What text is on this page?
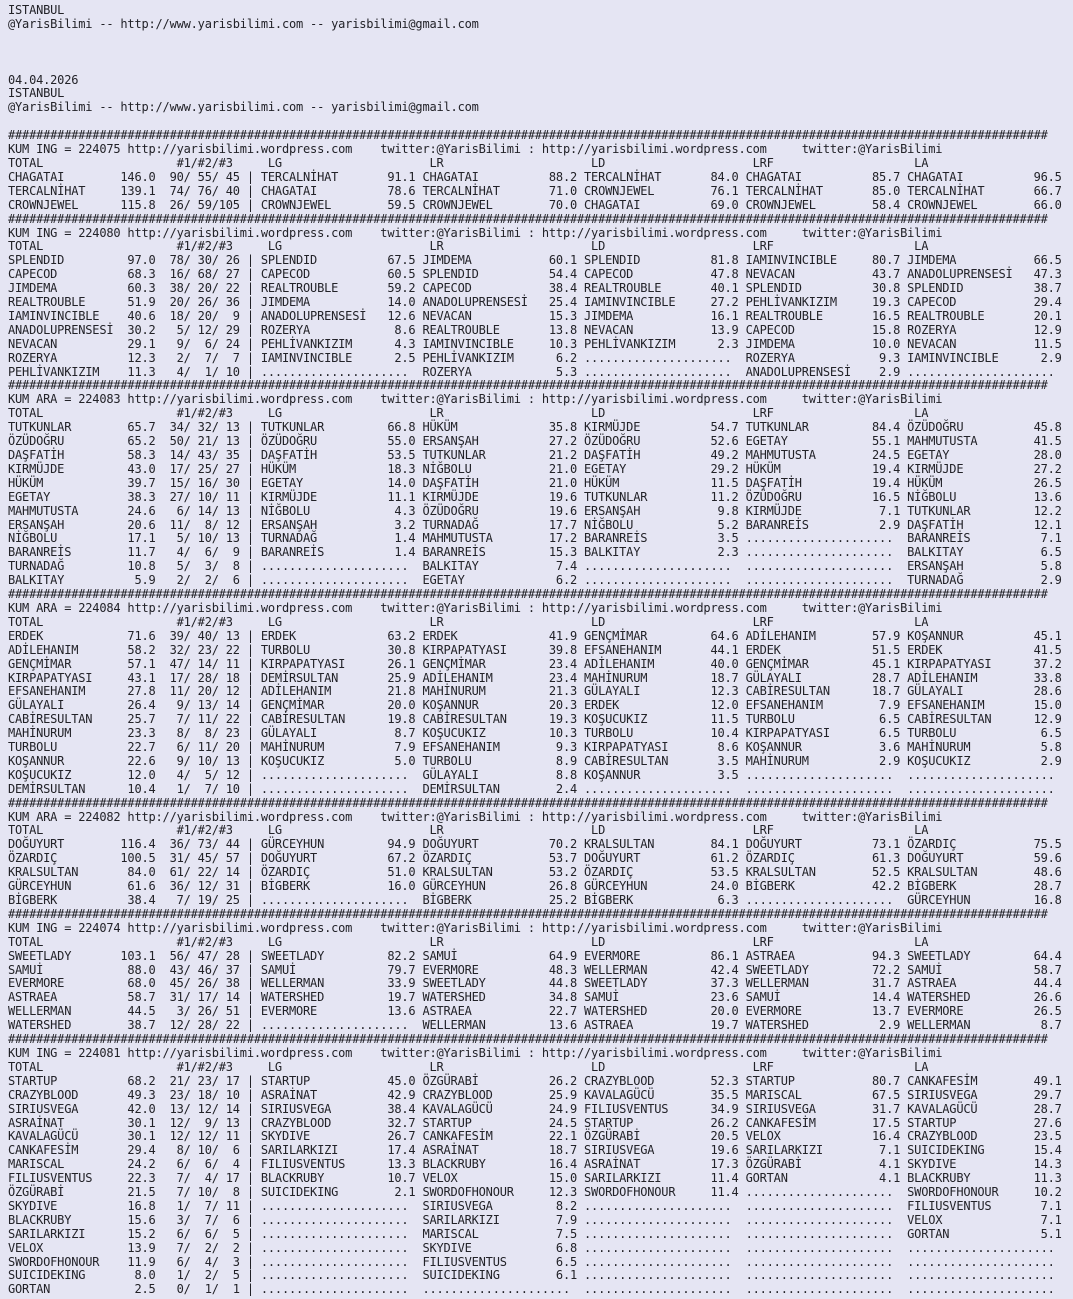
ISTANBUL
@YarisBilimi -- http://www.yarisbilimi.com -- yarisbilimi@gmail.com

04.04.2026
ISTANBUL
@YarisBilimi -- http://www.yarisbilimi.com -- yarisbilimi@gmail.com

####################################################################################################################################################
KUM ING = 224075 http://yarisbilimi.wordpress.com    twitter:@YarisBilimi : http://yarisbilimi.wordpress.com     twitter:@YarisBilimi
TOTAL                   #1/#2/#3     LG                     LR                     LD                     LRF                    LA
CHAGATAI        146.0  90/ 55/ 45 | TERCALNİHAT       91.1 CHAGATAI          88.2 TERCALNİHAT       84.0 CHAGATAI          85.7 CHAGATAI          96.5
TERCALNİHAT     139.1  74/ 76/ 40 | CHAGATAI          78.6 TERCALNİHAT       71.0 CROWNJEWEL        76.1 TERCALNİHAT       85.0 TERCALNİHAT       66.7
CROWNJEWEL      115.8  26/ 59/105 | CROWNJEWEL        59.5 CROWNJEWEL        70.0 CHAGATAI          69.0 CROWNJEWEL        58.4 CROWNJEWEL        66.0
####################################################################################################################################################
KUM ING = 224080 http://yarisbilimi.wordpress.com    twitter:@YarisBilimi : http://yarisbilimi.wordpress.com     twitter:@YarisBilimi
TOTAL                   #1/#2/#3     LG                     LR                     LD                     LRF                    LA
SPLENDID         97.0  78/ 30/ 26 | SPLENDID          67.5 JIMDEMA           60.1 SPLENDID          81.8 IAMINVINCIBLE     80.7 JIMDEMA           66.5
CAPECOD          68.3  16/ 68/ 27 | CAPECOD           60.5 SPLENDID          54.4 CAPECOD           47.8 NEVACAN           43.7 ANADOLUPRENSESİ   47.3
JIMDEMA          60.3  38/ 20/ 22 | REALTROUBLE       59.2 CAPECOD           38.4 REALTROUBLE       40.1 SPLENDID          30.8 SPLENDID          38.7
REALTROUBLE      51.9  20/ 26/ 36 | JIMDEMA           14.0 ANADOLUPRENSESİ   25.4 IAMINVINCIBLE     27.2 PEHLİVANKIZIM     19.3 CAPECOD           29.4
IAMINVINCIBLE    40.6  18/ 20/  9 | ANADOLUPRENSESİ   12.6 NEVACAN           15.3 JIMDEMA           16.1 REALTROUBLE       16.5 REALTROUBLE       20.1
ANADOLUPRENSESİ  30.2   5/ 12/ 29 | ROZERYA            8.6 REALTROUBLE       13.8 NEVACAN           13.9 CAPECOD           15.8 ROZERYA           12.9
NEVACAN          29.1   9/  6/ 24 | PEHLİVANKIZIM      4.3 IAMINVINCIBLE     10.3 PEHLİVANKIZIM      2.3 JIMDEMA           10.0 NEVACAN           11.5
ROZERYA          12.3   2/  7/  7 | IAMINVINCIBLE      2.5 PEHLİVANKIZIM      6.2 .....................  ROZERYA            9.3 IAMINVINCIBLE      2.9
PEHLİVANKIZIM    11.3   4/  1/ 10 | .....................  ROZERYA            5.3 .....................  ANADOLUPRENSESİ    2.9 .....................
####################################################################################################################################################
KUM ARA = 224083 http://yarisbilimi.wordpress.com    twitter:@YarisBilimi : http://yarisbilimi.wordpress.com     twitter:@YarisBilimi
TOTAL                   #1/#2/#3     LG                     LR                     LD                     LRF                    LA
TUTKUNLAR        65.7  34/ 32/ 13 | TUTKUNLAR         66.8 HÜKÜM             35.8 KIRMÜJDE          54.7 TUTKUNLAR         84.4 ÖZÜDOĞRU          45.8
ÖZÜDOĞRU         65.2  50/ 21/ 13 | ÖZÜDOĞRU          55.0 ERSANŞAH          27.2 ÖZÜDOĞRU          52.6 EGETAY            55.1 MAHMUTUSTA        41.5
DAŞFATİH         58.3  14/ 43/ 35 | DAŞFATİH          53.5 TUTKUNLAR         21.2 DAŞFATİH          49.2 MAHMUTUSTA        24.5 EGETAY            28.0
KIRMÜJDE         43.0  17/ 25/ 27 | HÜKÜM             18.3 NİĞBOLU           21.0 EGETAY            29.2 HÜKÜM             19.4 KIRMÜJDE          27.2
HÜKÜM            39.7  15/ 16/ 30 | EGETAY            14.0 DAŞFATİH          21.0 HÜKÜM             11.5 DAŞFATİH          19.4 HÜKÜM             26.5
EGETAY           38.3  27/ 10/ 11 | KIRMÜJDE          11.1 KIRMÜJDE          19.6 TUTKUNLAR         11.2 ÖZÜDOĞRU          16.5 NİĞBOLU           13.6
MAHMUTUSTA       24.6   6/ 14/ 13 | NİĞBOLU            4.3 ÖZÜDOĞRU          19.6 ERSANŞAH           9.8 KIRMÜJDE           7.1 TUTKUNLAR         12.2
ERSANŞAH         20.6  11/  8/ 12 | ERSANŞAH           3.2 TURNADAĞ          17.7 NİĞBOLU            5.2 BARANREİS          2.9 DAŞFATİH          12.1
NİĞBOLU          17.1   5/ 10/ 13 | TURNADAĞ           1.4 MAHMUTUSTA        17.2 BARANREİS          3.5 .....................  BARANREİS          7.1
BARANREİS        11.7   4/  6/  9 | BARANREİS          1.4 BARANREİS         15.3 BALKITAY           2.3 .....................  BALKITAY           6.5
TURNADAĞ         10.8   5/  3/  8 | .....................  BALKITAY           7.4 .....................  .....................  ERSANŞAH           5.8
BALKITAY          5.9   2/  2/  6 | .....................  EGETAY             6.2 .....................  .....................  TURNADAĞ           2.9
####################################################################################################################################################
KUM ARA = 224084 http://yarisbilimi.wordpress.com    twitter:@YarisBilimi : http://yarisbilimi.wordpress.com     twitter:@YarisBilimi
TOTAL                   #1/#2/#3     LG                     LR                     LD                     LRF                    LA
ERDEK            71.6  39/ 40/ 13 | ERDEK             63.2 ERDEK             41.9 GENÇMİMAR         64.6 ADİLEHANIM        57.9 KOŞANNUR          45.1
ADİLEHANIM       58.2  32/ 23/ 22 | TURBOLU           30.8 KIRPAPATYASI      39.8 EFSANEHANIM       44.1 ERDEK             51.5 ERDEK             41.5
GENÇMİMAR        57.1  47/ 14/ 11 | KIRPAPATYASI      26.1 GENÇMİMAR         23.4 ADİLEHANIM        40.0 GENÇMİMAR         45.1 KIRPAPATYASI      37.2
KIRPAPATYASI     43.1  17/ 28/ 18 | DEMİRSULTAN       25.9 ADİLEHANIM        23.4 MAHİNURUM         18.7 GÜLAYALI          28.7 ADİLEHANIM        33.8
EFSANEHANIM      27.8  11/ 20/ 12 | ADİLEHANIM        21.8 MAHİNURUM         21.3 GÜLAYALI          12.3 CABİRESULTAN      18.7 GÜLAYALI          28.6
GÜLAYALI         26.4   9/ 13/ 14 | GENÇMİMAR         20.0 KOŞANNUR          20.3 ERDEK             12.0 EFSANEHANIM        7.9 EFSANEHANIM       15.0
CABİRESULTAN     25.7   7/ 11/ 22 | CABİRESULTAN      19.8 CABİRESULTAN      19.3 KOŞUCUKIZ         11.5 TURBOLU            6.5 CABİRESULTAN      12.9
MAHİNURUM        23.3   8/  8/ 23 | GÜLAYALI           8.7 KOŞUCUKIZ         10.3 TURBOLU           10.4 KIRPAPATYASI       6.5 TURBOLU            6.5
TURBOLU          22.7   6/ 11/ 20 | MAHİNURUM          7.9 EFSANEHANIM        9.3 KIRPAPATYASI       8.6 KOŞANNUR           3.6 MAHİNURUM          5.8
KOŞANNUR         22.6   9/ 10/ 13 | KOŞUCUKIZ          5.0 TURBOLU            8.9 CABİRESULTAN       3.5 MAHİNURUM          2.9 KOŞUCUKIZ          2.9
KOŞUCUKIZ        12.0   4/  5/ 12 | .....................  GÜLAYALI           8.8 KOŞANNUR           3.5 .....................  .....................
DEMİRSULTAN      10.4   1/  7/ 10 | .....................  DEMİRSULTAN        2.4 .....................  .....................  .....................
####################################################################################################################################################
KUM ARA = 224082 http://yarisbilimi.wordpress.com    twitter:@YarisBilimi : http://yarisbilimi.wordpress.com     twitter:@YarisBilimi
TOTAL                   #1/#2/#3     LG                     LR                     LD                     LRF                    LA
DOĞUYURT        116.4  36/ 73/ 44 | GÜRCEYHUN         94.9 DOĞUYURT          70.2 KRALSULTAN        84.1 DOĞUYURT          73.1 ÖZARDIÇ           75.5
ÖZARDIÇ         100.5  31/ 45/ 57 | DOĞUYURT          67.2 ÖZARDIÇ           53.7 DOĞUYURT          61.2 ÖZARDIÇ           61.3 DOĞUYURT          59.6
KRALSULTAN       84.0  61/ 22/ 14 | ÖZARDIÇ           51.0 KRALSULTAN        53.2 ÖZARDIÇ           53.5 KRALSULTAN        52.5 KRALSULTAN        48.6
GÜRCEYHUN        61.6  36/ 12/ 31 | BİGBERK           16.0 GÜRCEYHUN         26.8 GÜRCEYHUN         24.0 BİGBERK           42.2 BİGBERK           28.7
BİGBERK          38.4   7/ 19/ 25 | .....................  BİGBERK           25.2 BİGBERK            6.3 .....................  GÜRCEYHUN         16.8
####################################################################################################################################################
KUM ING = 224074 http://yarisbilimi.wordpress.com    twitter:@YarisBilimi : http://yarisbilimi.wordpress.com     twitter:@YarisBilimi
TOTAL                   #1/#2/#3     LG                     LR                     LD                     LRF                    LA
SWEETLADY       103.1  56/ 47/ 28 | SWEETLADY         82.2 SAMUİ             64.9 EVERMORE          86.1 ASTRAEA           94.3 SWEETLADY         64.4
SAMUİ            88.0  43/ 46/ 37 | SAMUİ             79.7 EVERMORE          48.3 WELLERMAN         42.4 SWEETLADY         72.2 SAMUİ             58.7
EVERMORE         68.0  45/ 26/ 38 | WELLERMAN         33.9 SWEETLADY         44.8 SWEETLADY         37.3 WELLERMAN         31.7 ASTRAEA           44.4
ASTRAEA          58.7  31/ 17/ 14 | WATERSHED         19.7 WATERSHED         34.8 SAMUİ             23.6 SAMUİ             14.4 WATERSHED         26.6
WELLERMAN        44.5   3/ 26/ 51 | EVERMORE          13.6 ASTRAEA           22.7 WATERSHED         20.0 EVERMORE          13.7 EVERMORE          26.5
WATERSHED        38.7  12/ 28/ 22 | .....................  WELLERMAN         13.6 ASTRAEA           19.7 WATERSHED          2.9 WELLERMAN          8.7
####################################################################################################################################################
KUM ING = 224081 http://yarisbilimi.wordpress.com    twitter:@YarisBilimi : http://yarisbilimi.wordpress.com     twitter:@YarisBilimi
TOTAL                   #1/#2/#3     LG                     LR                     LD                     LRF                    LA
STARTUP          68.2  21/ 23/ 17 | STARTUP           45.0 ÖZGÜRABİ          26.2 CRAZYBLOOD        52.3 STARTUP           80.7 CANKAFESİM        49.1
CRAZYBLOOD       49.3  23/ 18/ 10 | ASRAİNAT          42.9 CRAZYBLOOD        25.9 KAVALAGÜCÜ        35.5 MARISCAL          67.5 SIRIUSVEGA        29.7
SIRIUSVEGA       42.0  13/ 12/ 14 | SIRIUSVEGA        38.4 KAVALAGÜCÜ        24.9 FILIUSVENTUS      34.9 SIRIUSVEGA        31.7 KAVALAGÜCÜ        28.7
ASRAİNAT         30.1  12/  9/ 13 | CRAZYBLOOD        32.7 STARTUP           24.5 STARTUP           26.2 CANKAFESİM        17.5 STARTUP           27.6
KAVALAGÜCÜ       30.1  12/ 12/ 11 | SKYDIVE           26.7 CANKAFESİM        22.1 ÖZGÜRABİ          20.5 VELOX             16.4 CRAZYBLOOD        23.5
CANKAFESİM       29.4   8/ 10/  6 | SARILARKIZI       17.4 ASRAİNAT          18.7 SIRIUSVEGA        19.6 SARILARKIZI        7.1 SUICIDEKING       15.4
MARISCAL         24.2   6/  6/  4 | FILIUSVENTUS      13.3 BLACKRUBY         16.4 ASRAİNAT          17.3 ÖZGÜRABİ           4.1 SKYDIVE           14.3
FILIUSVENTUS     22.3   7/  4/ 17 | BLACKRUBY         10.7 VELOX             15.0 SARILARKIZI       11.4 GORTAN             4.1 BLACKRUBY         11.3
ÖZGÜRABİ         21.5   7/ 10/  8 | SUICIDEKING        2.1 SWORDOFHONOUR     12.3 SWORDOFHONOUR     11.4 .....................  SWORDOFHONOUR     10.2
SKYDIVE          16.8   1/  7/ 11 | .....................  SIRIUSVEGA         8.2 .....................  .....................  FILIUSVENTUS       7.1
BLACKRUBY        15.6   3/  7/  6 | .....................  SARILARKIZI        7.9 .....................  .....................  VELOX              7.1
SARILARKIZI      15.2   6/  6/  5 | .....................  MARISCAL           7.5 .....................  .....................  GORTAN             5.1
VELOX            13.9   7/  2/  2 | .....................  SKYDIVE            6.8 .....................  .....................  .....................
SWORDOFHONOUR    11.9   6/  4/  3 | .....................  FILIUSVENTUS       6.5 .....................  .....................  .....................
SUICIDEKING       8.0   1/  2/  5 | .....................  SUICIDEKING        6.1 .....................  .....................  .....................
GORTAN            2.5   0/  1/  1 | .....................  .....................  .....................  .....................  .....................
